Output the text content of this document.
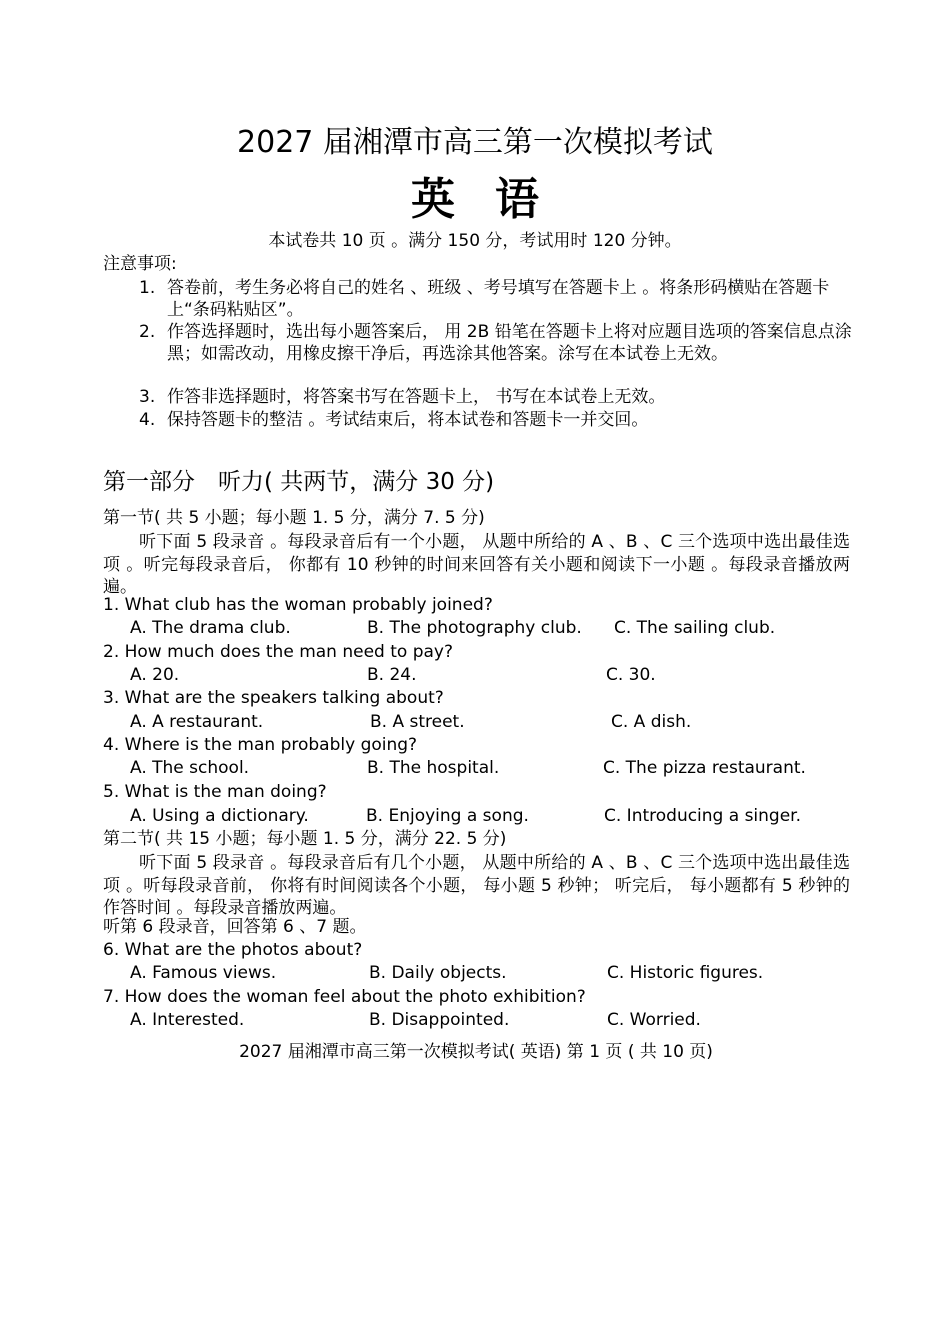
2027 届湘潭市高三第一次模拟考试
英语
本试卷共 10 页 。满分 150 分，考试用时 120 分钟。
注意事项:
1. 答卷前，考生务必将自己的姓名 、班级 、考号填写在答题卡上 。将条形码横贴在答题卡上“条码粘贴区”。
2. 作答选择题时，选出每小题答案后， 用 2B 铅笔在答题卡上将对应题目选项的答案信息点涂黑；如需改动，用橡皮擦干净后，再选涂其他答案。涂写在本试卷上无效。
3. 作答非选择题时，将答案书写在答题卡上， 书写在本试卷上无效。
4. 保持答题卡的整洁 。考试结束后，将本试卷和答题卡一并交回。
第一部分　听力( 共两节，满分 30 分)
第一节( 共 5 小题；每小题 1. 5 分，满分 7. 5 分)
听下面 5 段录音 。每段录音后有一个小题， 从题中所给的 A 、B 、C 三个选项中选出最佳选项 。听完每段录音后， 你都有 10 秒钟的时间来回答有关小题和阅读下一小题 。每段录音播放两遍。
1. What club has the woman probably joined?
A. The drama club.	B. The photography club. C. The sailing club.
2. How much does the man need to pay?
A. 20.	B. 24.	C. 30.
3. What are the speakers talking about?
A. A restaurant.	B. A street.	C. A dish.
4. Where is the man probably going?
A. The school.	B. The hospital.	C. The pizza restaurant.
5. What is the man doing?
A. Using a dictionary.	B. Enjoying a song.	C. Introducing a singer.
第二节( 共 15 小题；每小题 1. 5 分，满分 22. 5 分)
听下面 5 段录音 。每段录音后有几个小题， 从题中所给的 A 、B 、C 三个选项中选出最佳选项 。听每段录音前， 你将有时间阅读各个小题， 每小题 5 秒钟； 听完后， 每小题都有 5 秒钟的作答时间 。每段录音播放两遍。
听第 6 段录音，回答第 6 、7 题。
6. What are the photos about?
A. Famous views.	B. Daily objects.	C. Historic figures.
7. How does the woman feel about the photo exhibition?
A. Interested.	B. Disappointed.	C. Worried.
2027 届湘潭市高三第一次模拟考试( 英语) 第 1 页 ( 共 10 页)
